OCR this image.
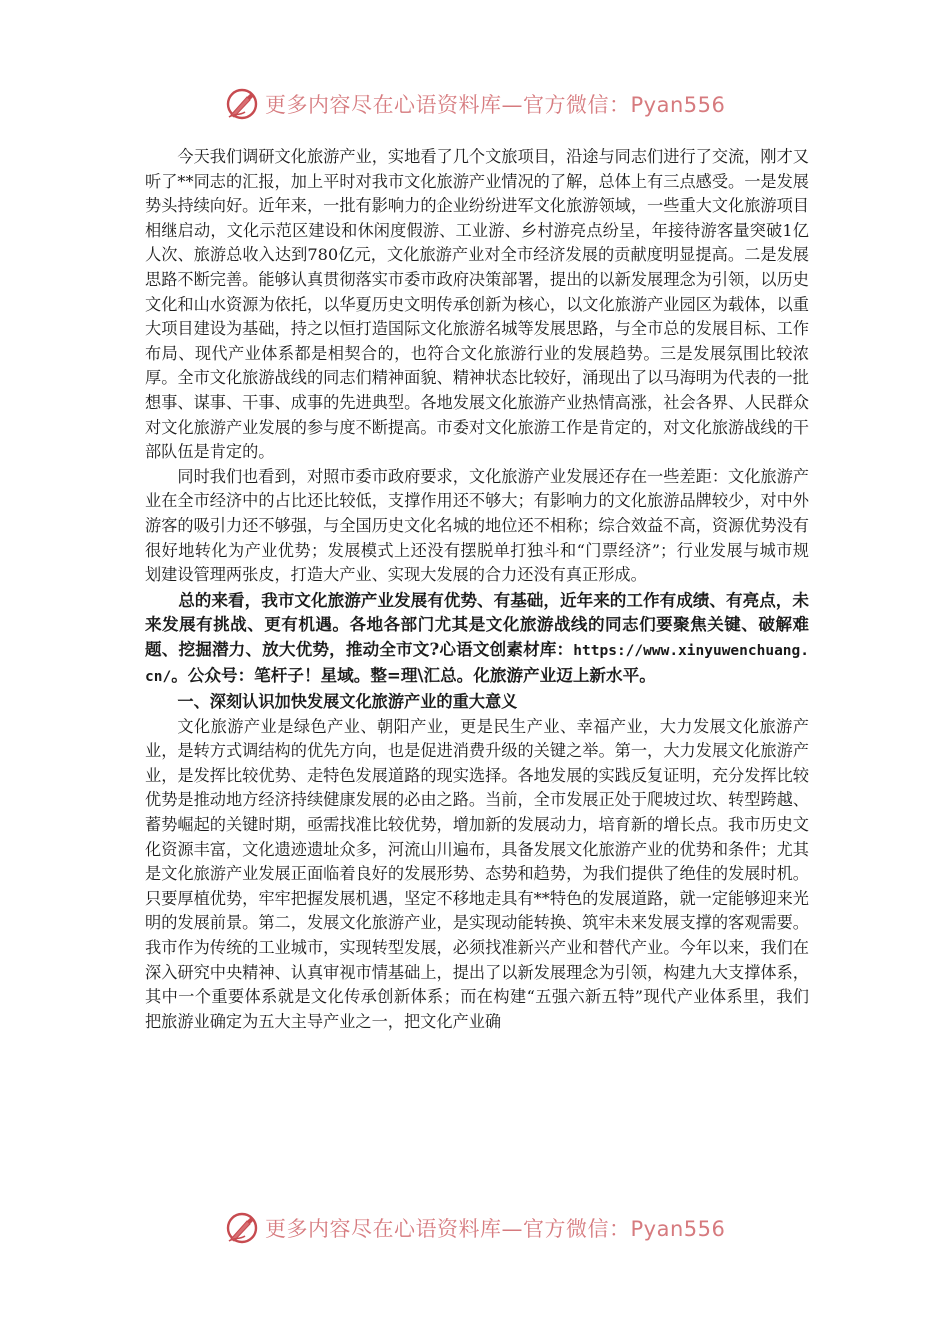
更多内容尽在心语资料库—官方微信：Pyan556

今天我们调研文化旅游产业，实地看了几个文旅项目，沿途与同志们进行了交流，刚才又听了**同志的汇报，加上平时对我市文化旅游产业情况的了解，总体上有三点感受。一是发展势头持续向好。近年来，一批有影响力的企业纷纷进军文化旅游领域，一些重大文化旅游项目相继启动，文化示范区建设和休闲度假游、工业游、乡村游亮点纷呈，年接待游客量突破1亿人次、旅游总收入达到780亿元，文化旅游产业对全市经济发展的贡献度明显提高。二是发展思路不断完善。能够认真贯彻落实市委市政府决策部署，提出的以新发展理念为引领，以历史文化和山水资源为依托，以华夏历史文明传承创新为核心，以文化旅游产业园区为载体，以重大项目建设为基础，持之以恒打造国际文化旅游名城等发展思路，与全市总的发展目标、工作布局、现代产业体系都是相契合的，也符合文化旅游行业的发展趋势。三是发展氛围比较浓厚。全市文化旅游战线的同志们精神面貌、精神状态比较好，涌现出了以马海明为代表的一批想事、谋事、干事、成事的先进典型。各地发展文化旅游产业热情高涨，社会各界、人民群众对文化旅游产业发展的参与度不断提高。市委对文化旅游工作是肯定的，对文化旅游战线的干部队伍是肯定的。

同时我们也看到，对照市委市政府要求，文化旅游产业发展还存在一些差距：文化旅游产业在全市经济中的占比还比较低，支撑作用还不够大；有影响力的文化旅游品牌较少，对中外游客的吸引力还不够强，与全国历史文化名城的地位还不相称；综合效益不高，资源优势没有很好地转化为产业优势；发展模式上还没有摆脱单打独斗和“门票经济”；行业发展与城市规划建设管理两张皮，打造大产业、实现大发展的合力还没有真正形成。

总的来看，我市文化旅游产业发展有优势、有基础，近年来的工作有成绩、有亮点，未来发展有挑战、更有机遇。各地各部门尤其是文化旅游战线的同志们要聚焦关键、破解难题、挖掘潜力、放大优势，推动全市文?心语文创素材库：https://www.xinyuwenchuang.cn/。公众号：笔杆子！星域。整=理\汇总。化旅游产业迈上新水平。

一、深刻认识加快发展文化旅游产业的重大意义

文化旅游产业是绿色产业、朝阳产业，更是民生产业、幸福产业，大力发展文化旅游产业，是转方式调结构的优先方向，也是促进消费升级的关键之举。第一，大力发展文化旅游产业，是发挥比较优势、走特色发展道路的现实选择。各地发展的实践反复证明，充分发挥比较优势是推动地方经济持续健康发展的必由之路。当前，全市发展正处于爬坡过坎、转型跨越、蓄势崛起的关键时期，亟需找准比较优势，增加新的发展动力，培育新的增长点。我市历史文化资源丰富，文化遗迹遗址众多，河流山川遍布，具备发展文化旅游产业的优势和条件；尤其是文化旅游产业发展正面临着良好的发展形势、态势和趋势，为我们提供了绝佳的发展时机。只要厚植优势，牢牢把握发展机遇，坚定不移地走具有**特色的发展道路，就一定能够迎来光明的发展前景。第二，发展文化旅游产业，是实现动能转换、筑牢未来发展支撑的客观需要。我市作为传统的工业城市，实现转型发展，必须找准新兴产业和替代产业。今年以来，我们在深入研究中央精神、认真审视市情基础上，提出了以新发展理念为引领，构建九大支撑体系，其中一个重要体系就是文化传承创新体系；而在构建“五强六新五特”现代产业体系里，我们把旅游业确定为五大主导产业之一，把文化产业确

更多内容尽在心语资料库—官方微信：Pyan556
